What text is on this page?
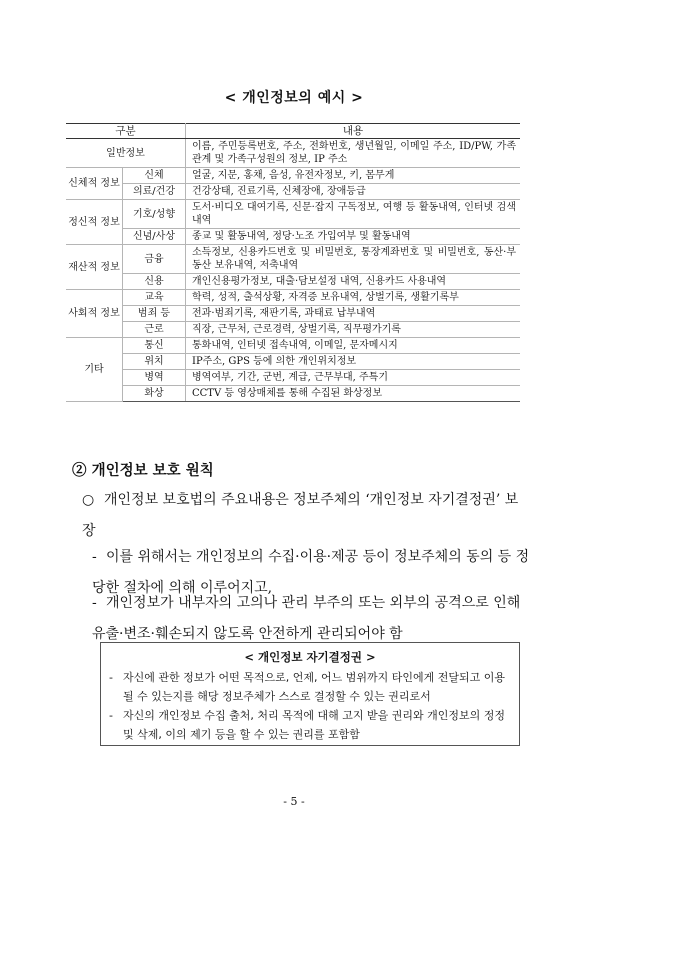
< 개인정보의 예시 >
구분		내용
일반정보		이름, 주민등록번호, 주소, 전화번호, 생년월일, 이메일 주소, ID/PW, 가족관계 및 가족구성원의 정보, IP 주소
신체적 정보	신체	얼굴, 지문, 홍채, 음성, 유전자정보, 키, 몸무게
	의료/건강	건강상태, 진료기록, 신체장애, 장애등급
정신적 정보	기호/성향	도서·비디오 대여기록, 신문·잡지 구독정보, 여행 등 활동내역, 인터넷 검색내역
	신념/사상	종교 및 활동내역, 정당·노조 가입여부 및 활동내역
재산적 정보	금융	소득정보, 신용카드번호 및 비밀번호, 통장계좌번호 및 비밀번호, 동산·부동산 보유내역, 저축내역
	신용	개인신용평가정보, 대출·담보설정 내역, 신용카드 사용내역
사회적 정보	교육	학력, 성적, 출석상황, 자격증 보유내역, 상벌기록, 생활기록부
	범죄 등	전과·범죄기록, 재판기록, 과태료 납부내역
	근로	직장, 근무처, 근로경력, 상벌기록, 직무평가기록
기타	통신	통화내역, 인터넷 접속내역, 이메일, 문자메시지
	위치	IP주소, GPS 등에 의한 개인위치정보
	병역	병역여부, 기간, 군번, 계급, 근무부대, 주특기
	화상	CCTV 등 영상매체를 통해 수집된 화상정보
② 개인정보 보호 원칙
○ 개인정보 보호법의 주요내용은 정보주체의 ‘개인정보 자기결정권’ 보장
- 이를 위해서는 개인정보의 수집·이용·제공 등이 정보주체의 동의 등 정당한 절차에 의해 이루어지고,
- 개인정보가 내부자의 고의나 관리 부주의 또는 외부의 공격으로 인해 유출·변조·훼손되지 않도록 안전하게 관리되어야 함
< 개인정보 자기결정권 >
- 자신에 관한 정보가 어떤 목적으로, 언제, 어느 범위까지 타인에게 전달되고 이용될 수 있는지를 해당 정보주체가 스스로 결정할 수 있는 권리로서
- 자신의 개인정보 수집 출처, 처리 목적에 대해 고지 받을 권리와 개인정보의 정정 및 삭제, 이의 제기 등을 할 수 있는 권리를 포함함
- 5 -
